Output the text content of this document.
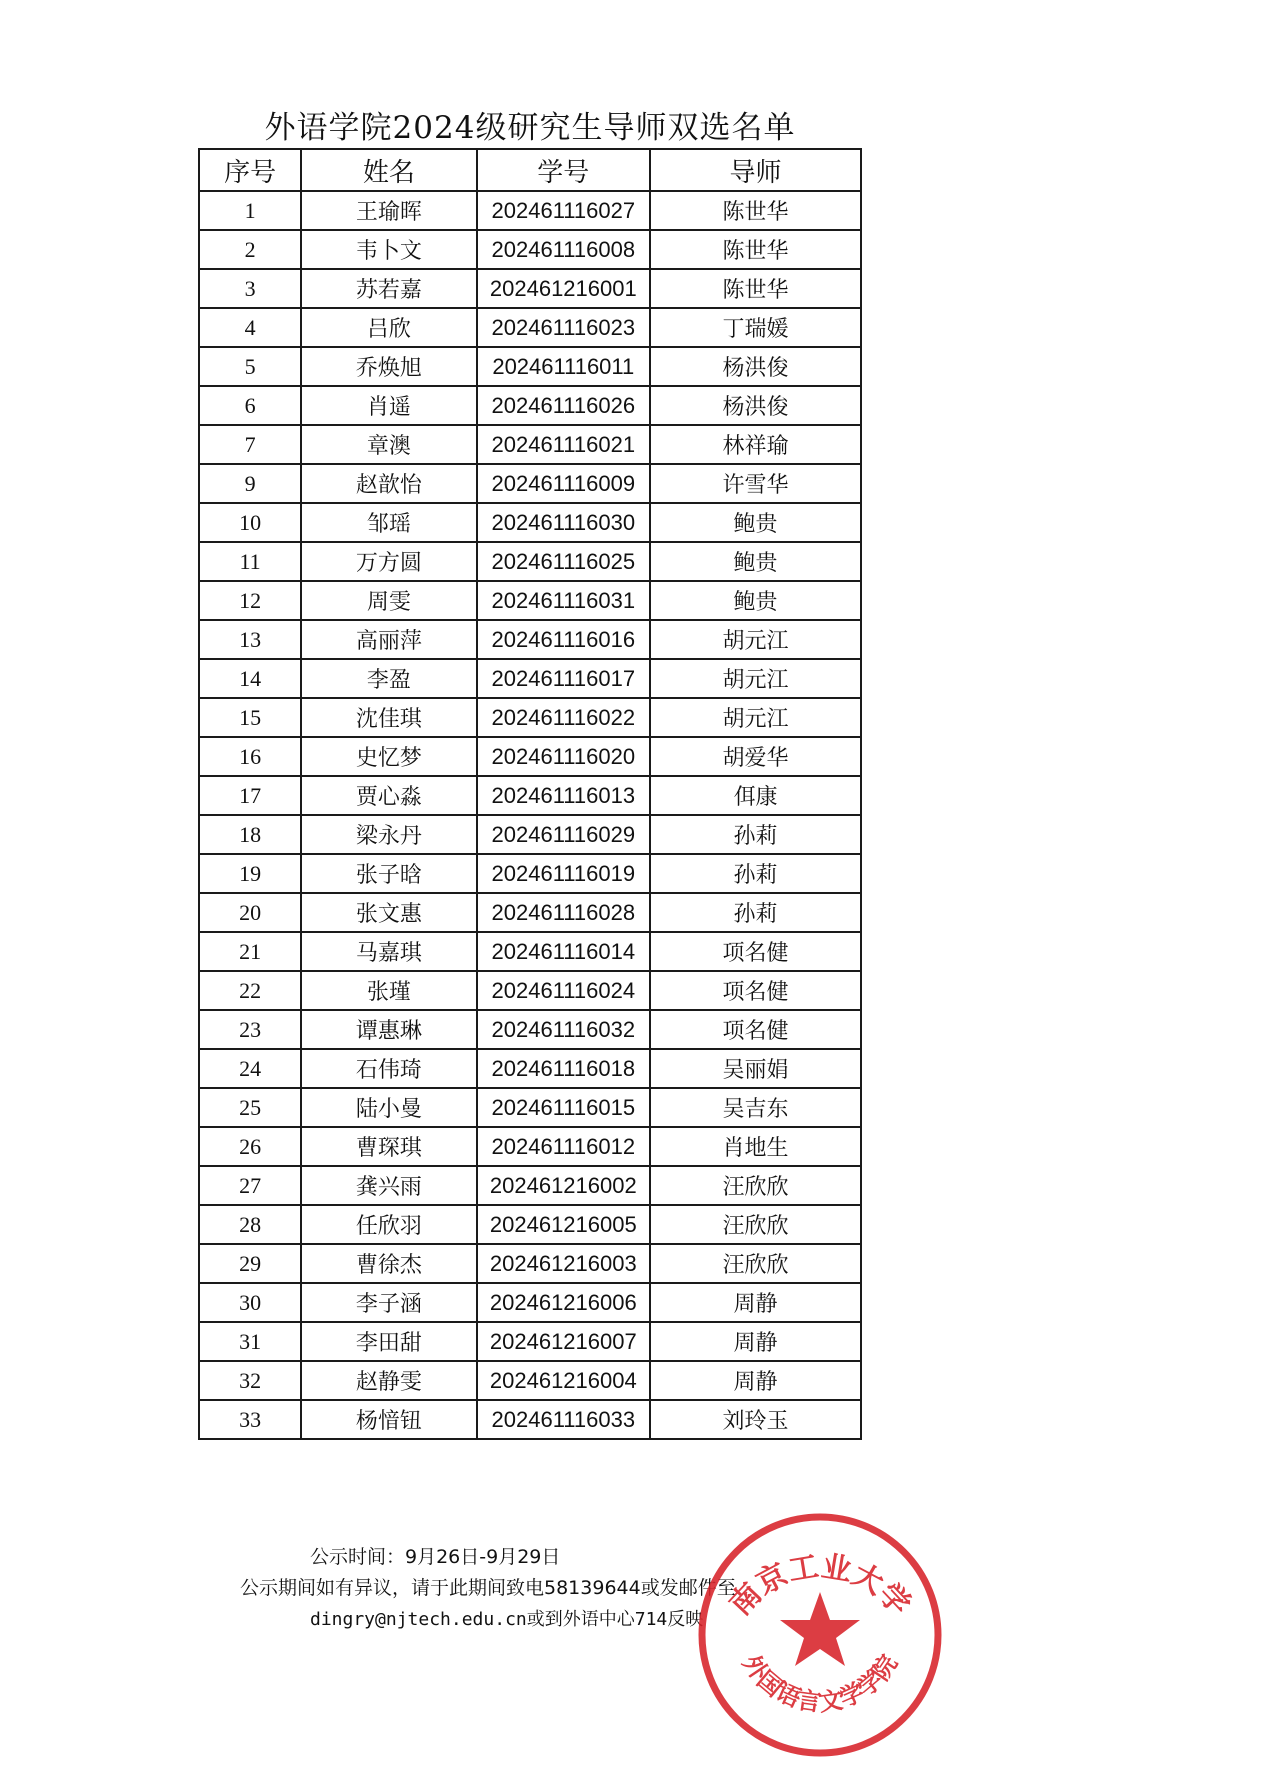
外语学院2024级研究生导师双选名单
序号	姓名	学号	导师
1	王瑜晖	202461116027	陈世华
2	韦卜文	202461116008	陈世华
3	苏若嘉	202461216001	陈世华
4	吕欣	202461116023	丁瑞媛
5	乔焕旭	202461116011	杨洪俊
6	肖遥	202461116026	杨洪俊
7	章澳	202461116021	林祥瑜
9	赵歆怡	202461116009	许雪华
10	邹瑶	202461116030	鲍贵
11	万方圆	202461116025	鲍贵
12	周雯	202461116031	鲍贵
13	高丽萍	202461116016	胡元江
14	李盈	202461116017	胡元江
15	沈佳琪	202461116022	胡元江
16	史忆梦	202461116020	胡爱华
17	贾心淼	202461116013	佴康
18	梁永丹	202461116029	孙莉
19	张子晗	202461116019	孙莉
20	张文惠	202461116028	孙莉
21	马嘉琪	202461116014	项名健
22	张瑾	202461116024	项名健
23	谭惠琳	202461116032	项名健
24	石伟琦	202461116018	吴丽娟
25	陆小曼	202461116015	吴吉东
26	曹琛琪	202461116012	肖地生
27	龚兴雨	202461216002	汪欣欣
28	任欣羽	202461216005	汪欣欣
29	曹徐杰	202461216003	汪欣欣
30	李子涵	202461216006	周静
31	李田甜	202461216007	周静
32	赵静雯	202461216004	周静
33	杨愔钮	202461116033	刘玲玉
公示时间：9月26日-9月29日
公示期间如有异议，请于此期间致电58139644或发邮件至
dingry@njtech.edu.cn或到外语中心714反映 南京工业大学
外国语言文学学院
